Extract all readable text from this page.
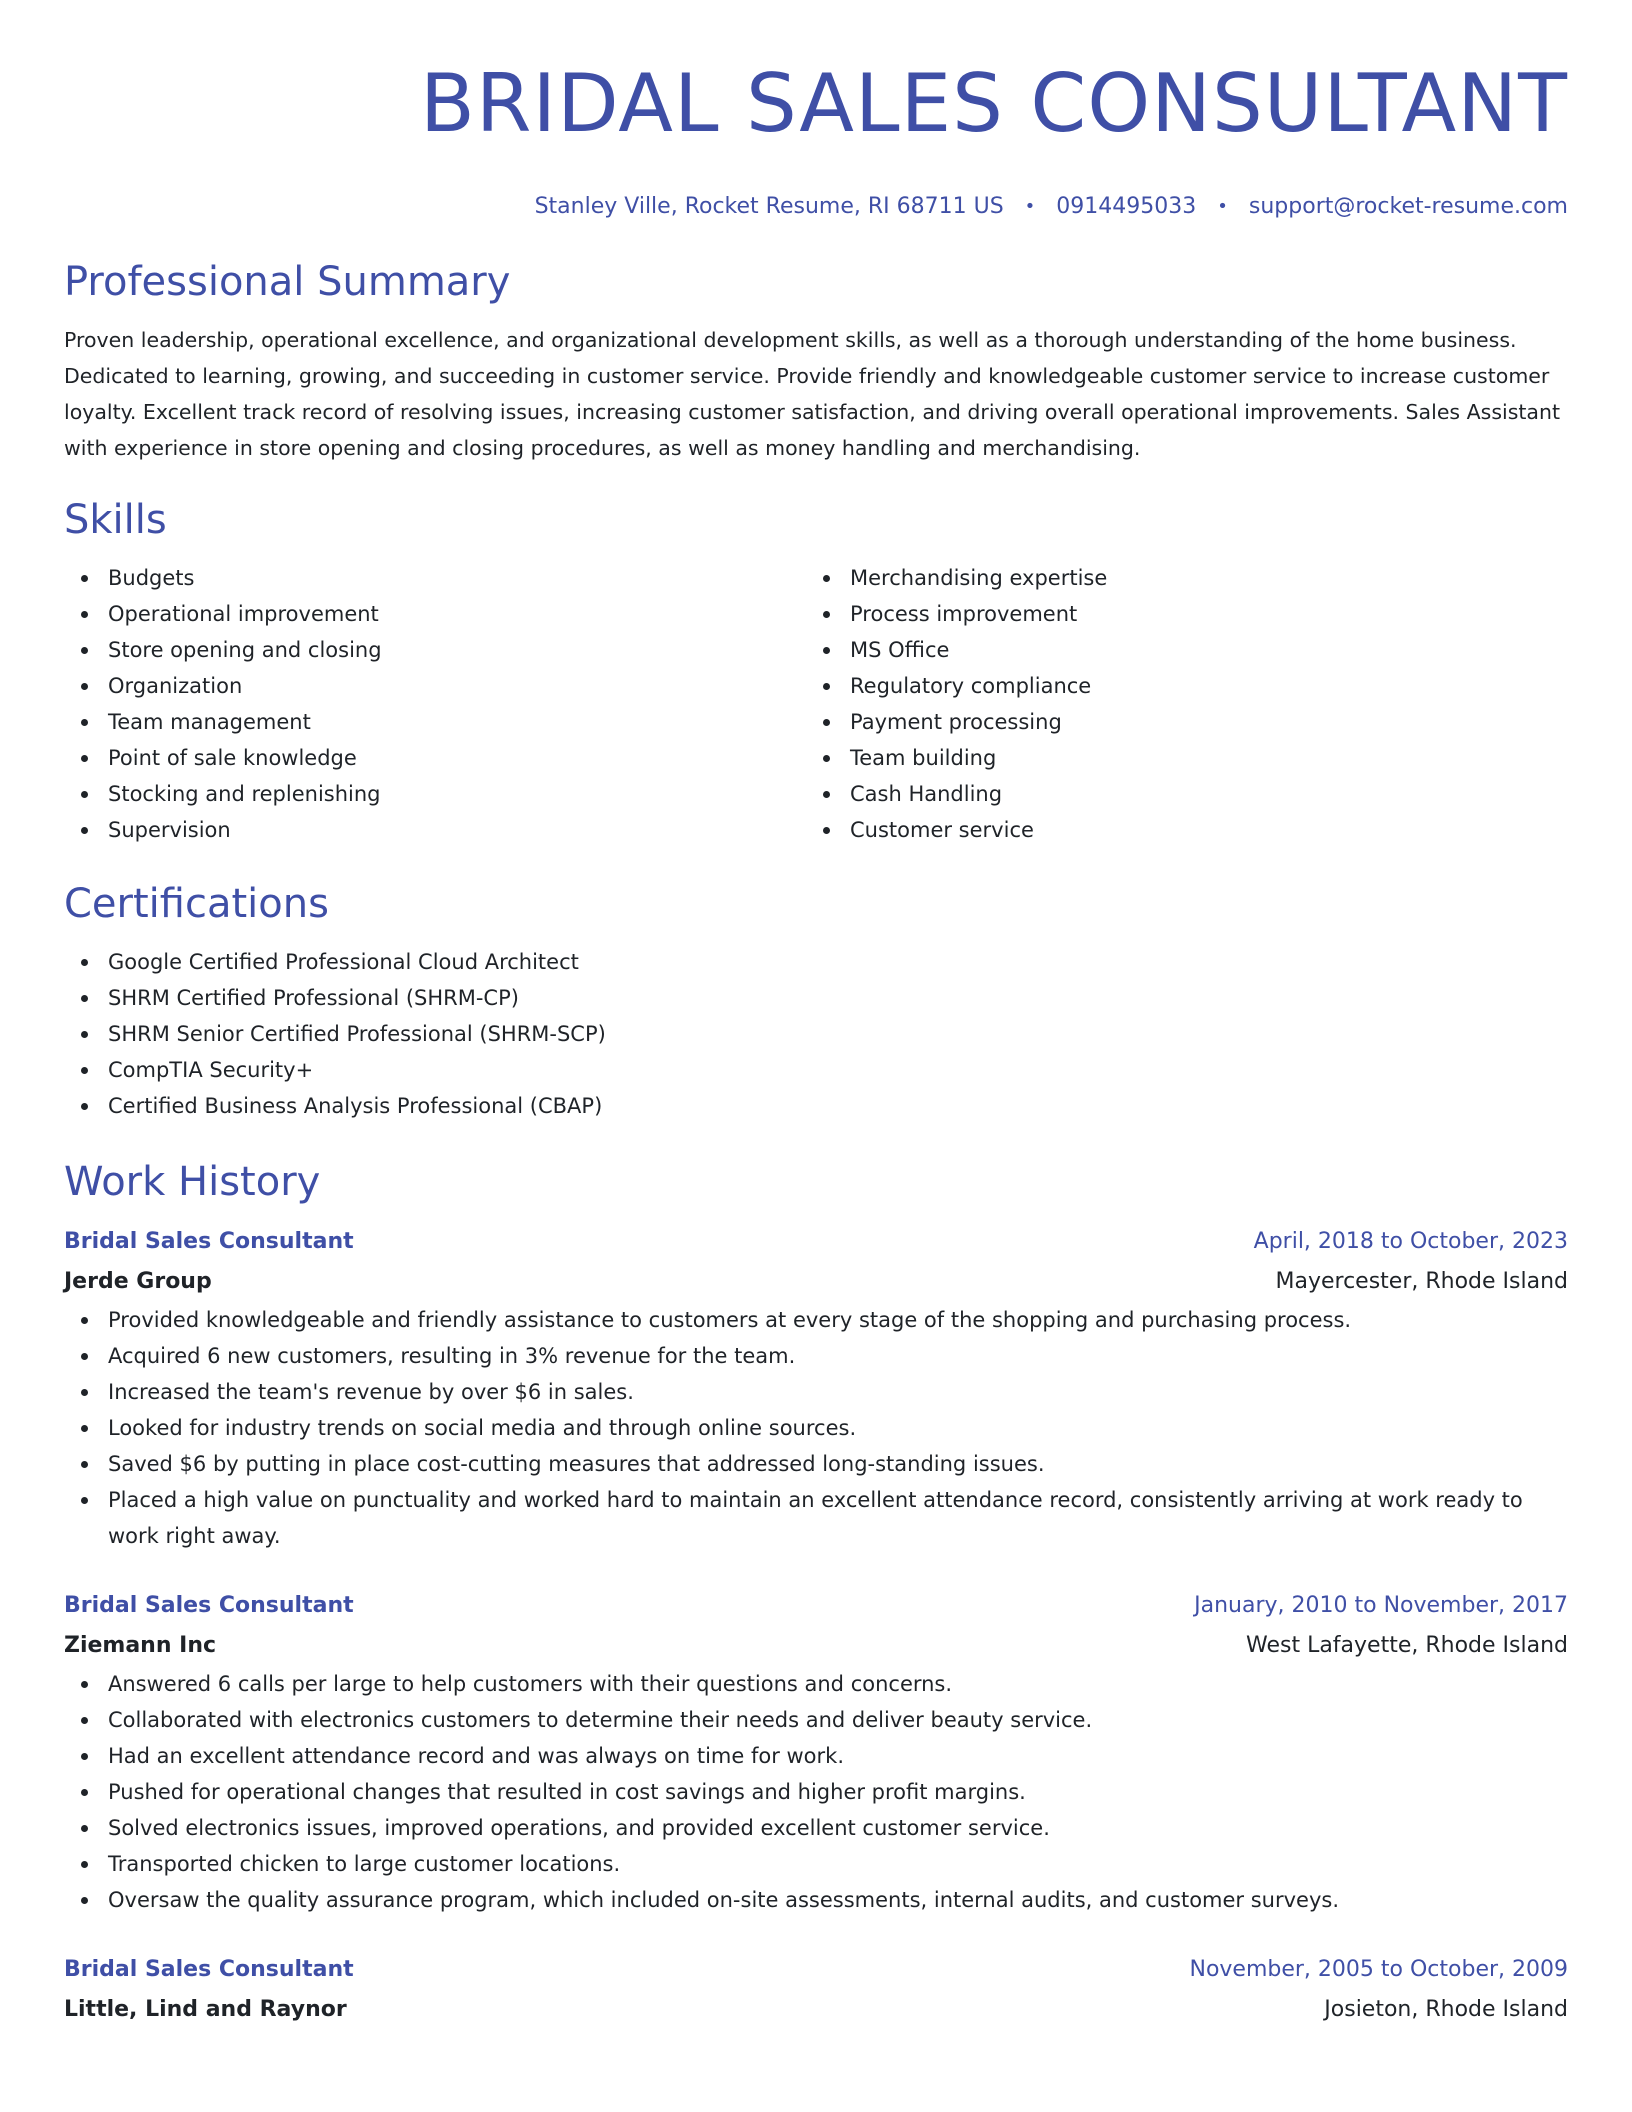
BRIDAL SALES CONSULTANT
Stanley Ville, Rocket Resume, RI 68711 US • 0914495033 • support@rocket-resume.com
Professional Summary

Proven leadership, operational excellence, and organizational development skills, as well as a thorough understanding of the home business. Dedicated to learning, growing, and succeeding in customer service. Provide friendly and knowledgeable customer service to increase customer loyalty. Excellent track record of resolving issues, increasing customer satisfaction, and driving overall operational improvements. Sales Assistant with experience in store opening and closing procedures, as well as money handling and merchandising.

Skills
Budgets
Operational improvement
Store opening and closing
Organization
Team management
Point of sale knowledge
Stocking and replenishing
Supervision
Merchandising expertise
Process improvement
MS Office
Regulatory compliance
Payment processing
Team building
Cash Handling
Customer service
Certifications
Google Certified Professional Cloud Architect
SHRM Certified Professional (SHRM-CP)
SHRM Senior Certified Professional (SHRM-SCP)
CompTIA Security+
Certified Business Analysis Professional (CBAP)
Work History
Bridal Sales Consultant	April, 2018 to October, 2023
Jerde Group	Mayercester, Rhode Island
Provided knowledgeable and friendly assistance to customers at every stage of the shopping and purchasing process.
Acquired 6 new customers, resulting in 3% revenue for the team.
Increased the team's revenue by over $6 in sales.
Looked for industry trends on social media and through online sources.
Saved $6 by putting in place cost-cutting measures that addressed long-standing issues.
Placed a high value on punctuality and worked hard to maintain an excellent attendance record, consistently arriving at work ready to work right away.
Bridal Sales Consultant	January, 2010 to November, 2017
Ziemann Inc	West Lafayette, Rhode Island
Answered 6 calls per large to help customers with their questions and concerns.
Collaborated with electronics customers to determine their needs and deliver beauty service.
Had an excellent attendance record and was always on time for work.
Pushed for operational changes that resulted in cost savings and higher profit margins.
Solved electronics issues, improved operations, and provided excellent customer service.
Transported chicken to large customer locations.
Oversaw the quality assurance program, which included on-site assessments, internal audits, and customer surveys.
Bridal Sales Consultant	November, 2005 to October, 2009
Little, Lind and Raynor	Josieton, Rhode Island
